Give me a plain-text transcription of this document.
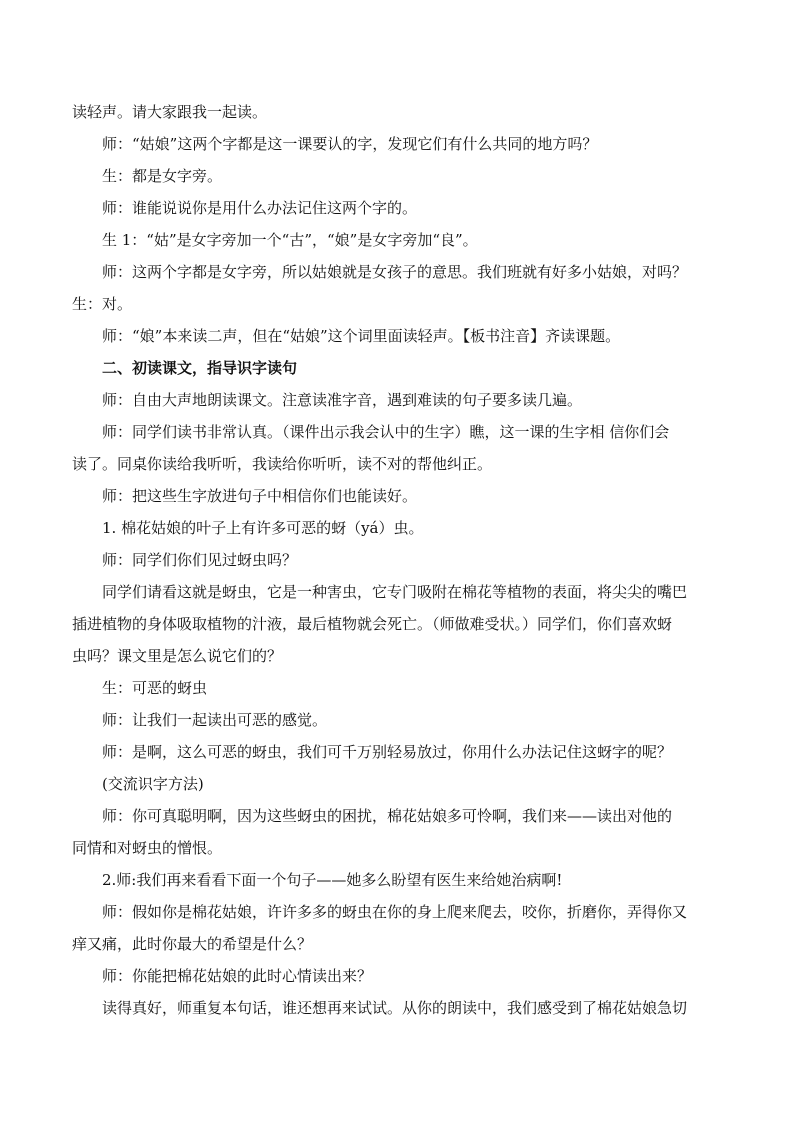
读轻声。请大家跟我一起读。
师：“姑娘”这两个字都是这一课要认的字，发现它们有什么共同的地方吗？
生：都是女字旁。
师：谁能说说你是用什么办法记住这两个字的。
生 1：“姑”是女字旁加一个“古”，“娘”是女字旁加“良”。
师：这两个字都是女字旁，所以姑娘就是女孩子的意思。我们班就有好多小姑娘，对吗？
生：对。
师：“娘”本来读二声，但在“姑娘”这个词里面读轻声。【板书注音】齐读课题。
二、初读课文，指导识字读句
师：自由大声地朗读课文。注意读准字音，遇到难读的句子要多读几遍。
师：同学们读书非常认真。（课件出示我会认中的生字）瞧，这一课的生字相 信你们会
读了。同桌你读给我听听，我读给你听听，读不对的帮他纠正。
师：把这些生字放进句子中相信你们也能读好。
1. 棉花姑娘的叶子上有许多可恶的蚜（yá）虫。
师：同学们你们见过蚜虫吗？
同学们请看这就是蚜虫，它是一种害虫，它专门吸附在棉花等植物的表面，将尖尖的嘴巴
插进植物的身体吸取植物的汁液，最后植物就会死亡。（师做难受状。）同学们，你们喜欢蚜
虫吗？课文里是怎么说它们的？
生：可恶的蚜虫
师：让我们一起读出可恶的感觉。
师：是啊，这么可恶的蚜虫，我们可千万别轻易放过，你用什么办法记住这蚜字的呢？
(交流识字方法)
师：你可真聪明啊，因为这些蚜虫的困扰，棉花姑娘多可怜啊，我们来——读出对他的
同情和对蚜虫的憎恨。
2.师:我们再来看看下面一个句子——她多么盼望有医生来给她治病啊!
师：假如你是棉花姑娘，许许多多的蚜虫在你的身上爬来爬去，咬你，折磨你，弄得你又
痒又痛，此时你最大的希望是什么？
师：你能把棉花姑娘的此时心情读出来？
读得真好，师重复本句话，谁还想再来试试。从你的朗读中，我们感受到了棉花姑娘急切
